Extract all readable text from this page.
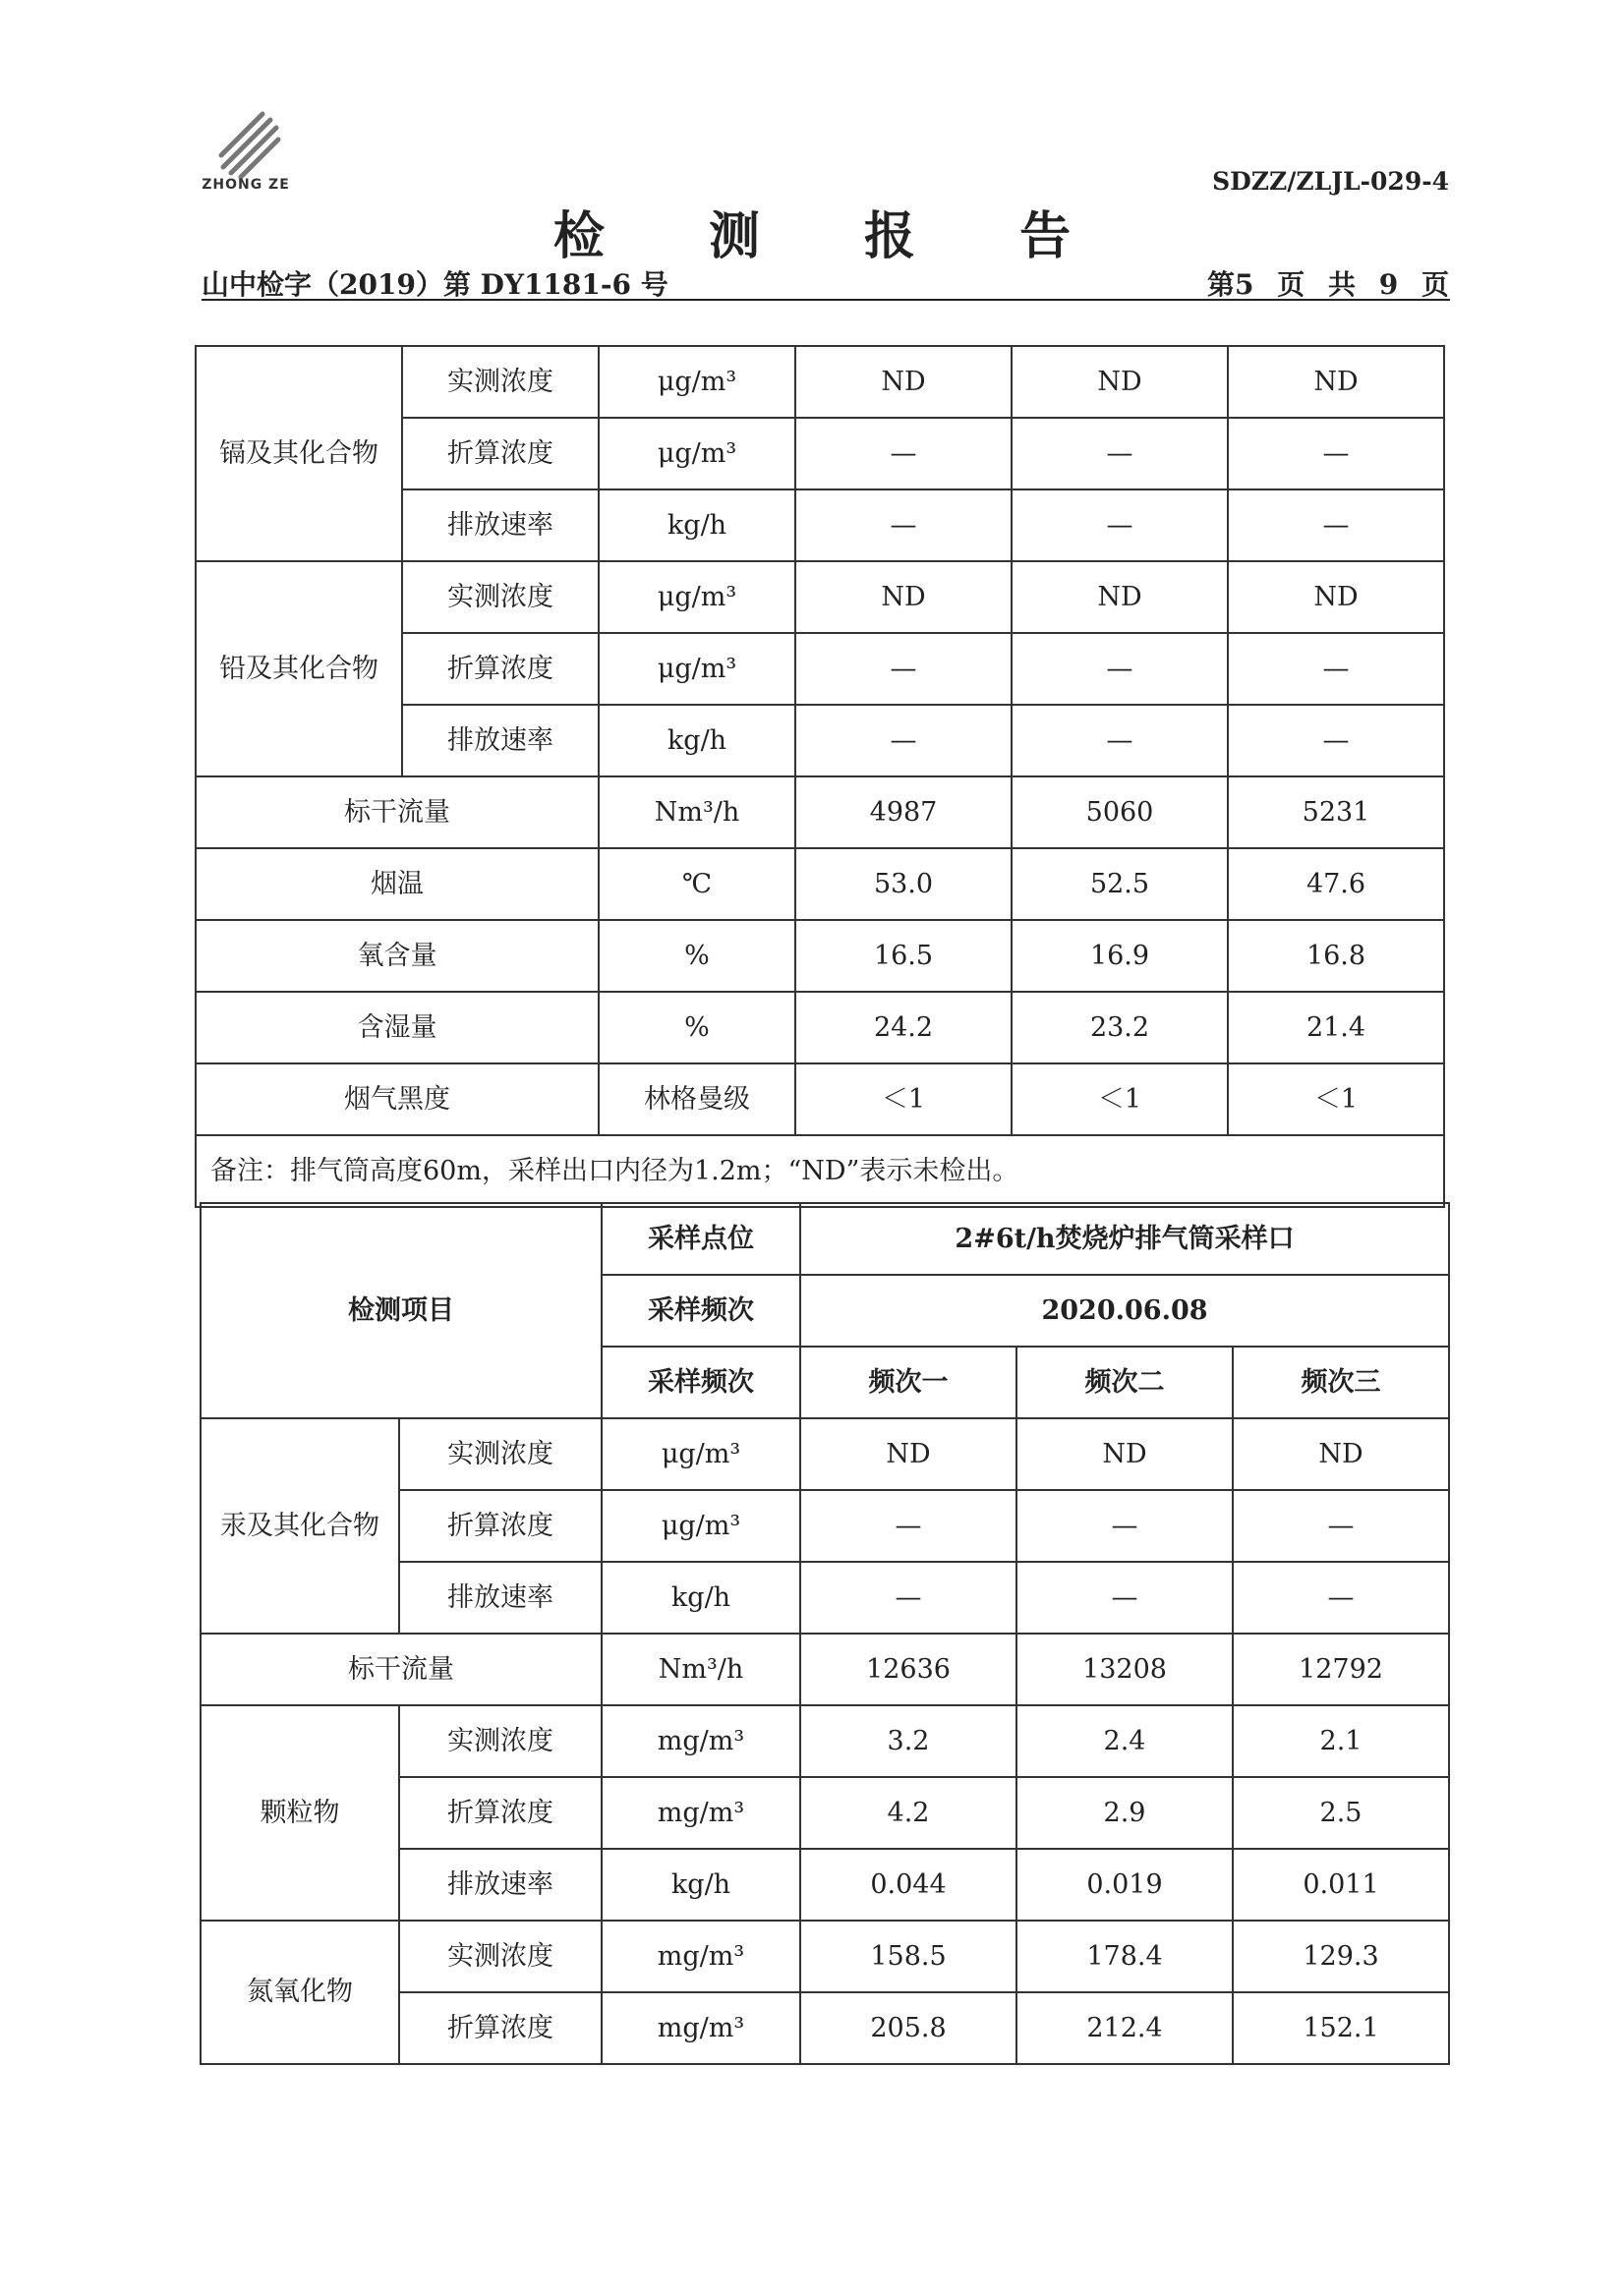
ZHONG ZE	SDZZ/ZLJL-029-4
检 测 报 告
山中检字（2019）第 DY1181-6 号	第5 页 共 9 页
镉及其化合物	实测浓度	μg/m³	ND	ND	ND
	折算浓度	μg/m³	—	—	—
	排放速率	kg/h	—	—	—
铅及其化合物	实测浓度	μg/m³	ND	ND	ND
	折算浓度	μg/m³	—	—	—
	排放速率	kg/h	—	—	—
标干流量		Nm³/h	4987	5060	5231
烟温		℃	53.0	52.5	47.6
氧含量		%	16.5	16.9	16.8
含湿量		%	24.2	23.2	21.4
烟气黑度		林格曼级	＜1	＜1	＜1
备注：排气筒高度60m，采样出口内径为1.2m；“ND”表示未检出。					
检测项目		采样点位	2#6t/h焚烧炉排气筒采样口		
		采样频次	2020.06.08		
		采样频次	频次一	频次二	频次三
汞及其化合物	实测浓度	μg/m³	ND	ND	ND
	折算浓度	μg/m³	—	—	—
	排放速率	kg/h	—	—	—
标干流量		Nm³/h	12636	13208	12792
颗粒物	实测浓度	mg/m³	3.2	2.4	2.1
	折算浓度	mg/m³	4.2	2.9	2.5
	排放速率	kg/h	0.044	0.019	0.011
氮氧化物	实测浓度	mg/m³	158.5	178.4	129.3
	折算浓度	mg/m³	205.8	212.4	152.1
